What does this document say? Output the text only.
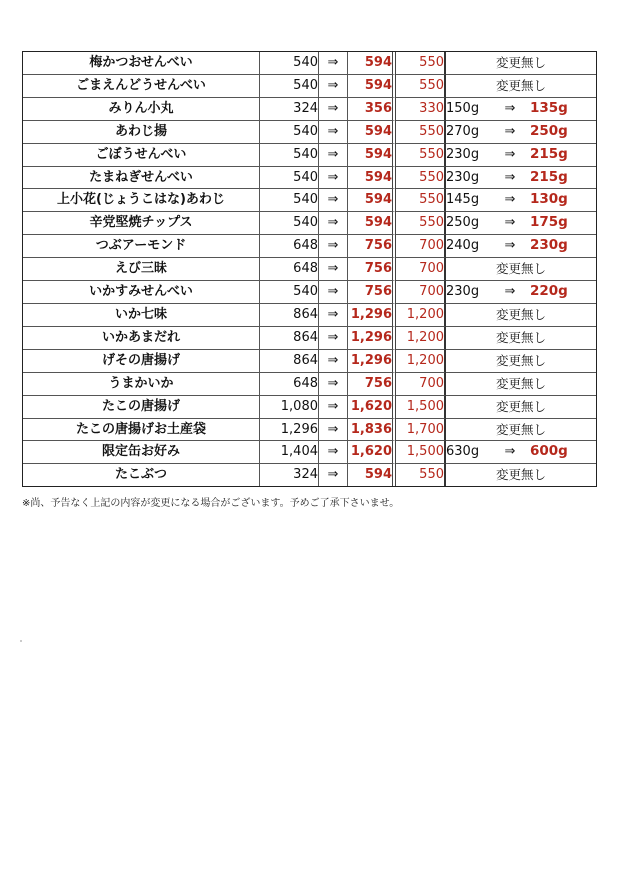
梅かつおせんべい	540	⇒	594	550	変更無し

ごまえんどうせんべい	540	⇒	594	550	変更無し

みりん小丸	324	⇒	356	330	150g ⇒ 135g

あわじ揚	540	⇒	594	550	270g ⇒ 250g

ごぼうせんべい	540	⇒	594	550	230g ⇒ 215g

たまねぎせんべい	540	⇒	594	550	230g ⇒ 215g

上小花(じょうこはな)あわじ	540	⇒	594	550	145g ⇒ 130g

辛党堅焼チップス	540	⇒	594	550	250g ⇒ 175g

つぶアーモンド	648	⇒	756	700	240g ⇒ 230g

えび三昧	648	⇒	756	700	変更無し

いかすみせんべい	540	⇒	756	700	230g ⇒ 220g

いか七味	864	⇒	1,296	1,200	変更無し

いかあまだれ	864	⇒	1,296	1,200	変更無し

げその唐揚げ	864	⇒	1,296	1,200	変更無し

うまかいか	648	⇒	756	700	変更無し

たこの唐揚げ	1,080	⇒	1,620	1,500	変更無し

たこの唐揚げお土産袋	1,296	⇒	1,836	1,700	変更無し

限定缶お好み	1,404	⇒	1,620	1,500	630g ⇒ 600g

たこぶつ	324	⇒	594	550	変更無し
※尚、予告なく上記の内容が変更になる場合がございます。予めご了承下さいませ。
